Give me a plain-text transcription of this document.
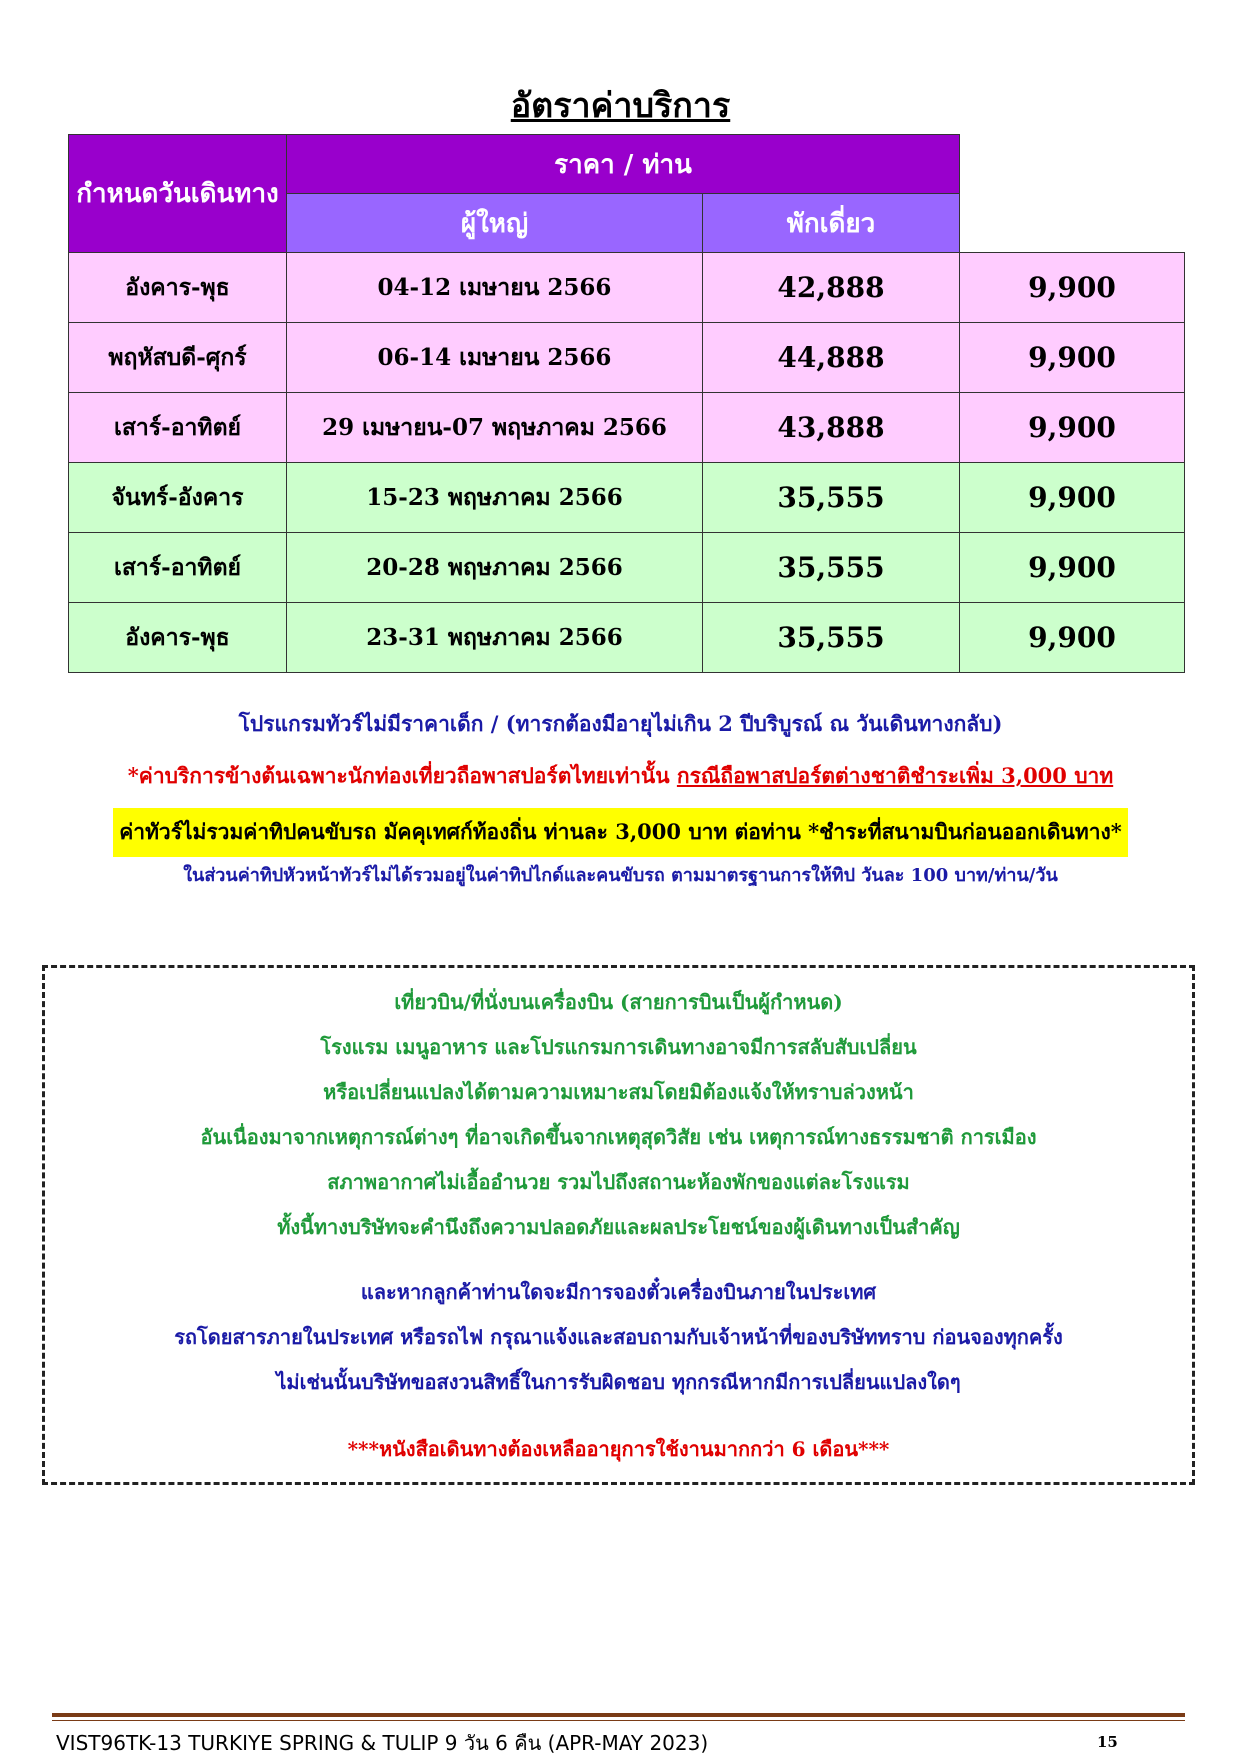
อัตราค่าบริการ
กำหนดวันเดินทาง	ราคา / ท่าน		
	ผู้ใหญ่	พักเดี่ยว	
อังคาร-พุธ	04-12 เมษายน 2566	42,888	9,900
พฤหัสบดี-ศุกร์	06-14 เมษายน 2566	44,888	9,900
เสาร์-อาทิตย์	29 เมษายน-07 พฤษภาคม 2566	43,888	9,900
จันทร์-อังคาร	15-23 พฤษภาคม 2566	35,555	9,900
เสาร์-อาทิตย์	20-28 พฤษภาคม 2566	35,555	9,900
อังคาร-พุธ	23-31 พฤษภาคม 2566	35,555	9,900
โปรแกรมทัวร์ไม่มีราคาเด็ก / (ทารกต้องมีอายุไม่เกิน 2 ปีบริบูรณ์ ณ วันเดินทางกลับ)
*ค่าบริการข้างต้นเฉพาะนักท่องเที่ยวถือพาสปอร์ตไทยเท่านั้น กรณีถือพาสปอร์ตต่างชาติชำระเพิ่ม 3,000 บาท
ค่าทัวร์ไม่รวมค่าทิปคนขับรถ มัคคุเทศก์ท้องถิ่น ท่านละ 3,000 บาท ต่อท่าน *ชำระที่สนามบินก่อนออกเดินทาง*
ในส่วนค่าทิปหัวหน้าทัวร์ไม่ได้รวมอยู่ในค่าทิปไกด์และคนขับรถ ตามมาตรฐานการให้ทิป วันละ 100 บาท/ท่าน/วัน

เที่ยวบิน/ที่นั่งบนเครื่องบิน (สายการบินเป็นผู้กำหนด)

โรงแรม เมนูอาหาร และโปรแกรมการเดินทางอาจมีการสลับสับเปลี่ยน

หรือเปลี่ยนแปลงได้ตามความเหมาะสมโดยมิต้องแจ้งให้ทราบล่วงหน้า

อันเนื่องมาจากเหตุการณ์ต่างๆ ที่อาจเกิดขึ้นจากเหตุสุดวิสัย เช่น เหตุการณ์ทางธรรมชาติ การเมือง

สภาพอากาศไม่เอื้ออำนวย รวมไปถึงสถานะห้องพักของแต่ละโรงแรม

ทั้งนี้ทางบริษัทจะคำนึงถึงความปลอดภัยและผลประโยชน์ของผู้เดินทางเป็นสำคัญ

และหากลูกค้าท่านใดจะมีการจองตั๋วเครื่องบินภายในประเทศ

รถโดยสารภายในประเทศ หรือรถไฟ กรุณาแจ้งและสอบถามกับเจ้าหน้าที่ของบริษัททราบ ก่อนจองทุกครั้ง

ไม่เช่นนั้นบริษัทขอสงวนสิทธิ์ในการรับผิดชอบ ทุกกรณีหากมีการเปลี่ยนแปลงใดๆ

***หนังสือเดินทางต้องเหลืออายุการใช้งานมากกว่า 6 เดือน***

VIST96TK-13 TURKIYE SPRING & TULIP 9 วัน 6 คืน (APR-MAY 2023)	15
